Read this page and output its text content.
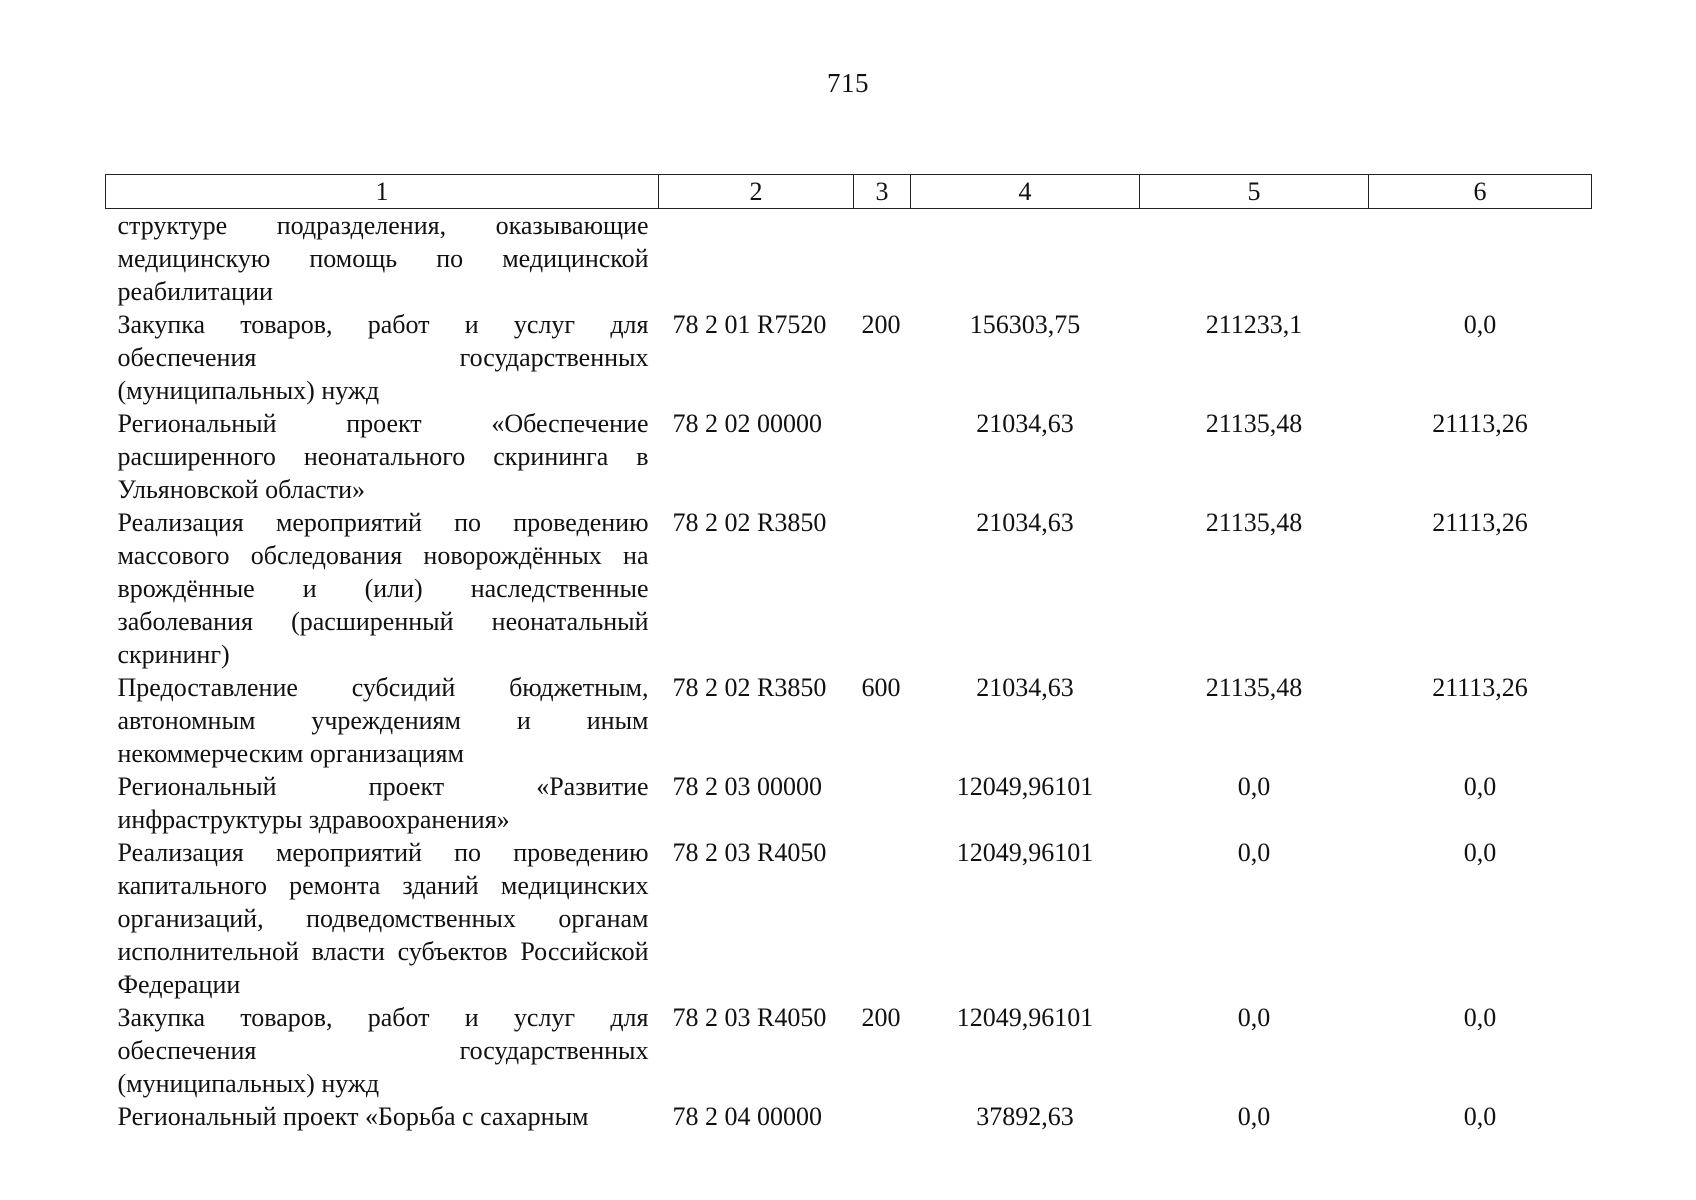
715
1	2	3	4	5	6
структуре подразделения, оказывающие медицинскую помощь по медицинской реабилитации					
Закупка товаров, работ и услуг для обеспечения государственных (муниципальных) нужд	78 2 01 R7520	200	156303,75	211233,1	0,0
Региональный проект «Обеспечение расширенного неонатального скрининга в Ульяновской области»	78 2 02 00000		21034,63	21135,48	21113,26
Реализация мероприятий по проведению массового обследования новорождённых на врождённые и (или) наследственные заболевания (расширенный неонатальный скрининг)	78 2 02 R3850		21034,63	21135,48	21113,26
Предоставление субсидий бюджетным, автономным учреждениям и иным некоммерческим организациям	78 2 02 R3850	600	21034,63	21135,48	21113,26
Региональный проект «Развитие инфраструктуры здравоохранения»	78 2 03 00000		12049,96101	0,0	0,0
Реализация мероприятий по проведению капитального ремонта зданий медицинских организаций, подведомственных органам исполнительной власти субъектов Российской Федерации	78 2 03 R4050		12049,96101	0,0	0,0
Закупка товаров, работ и услуг для обеспечения государственных (муниципальных) нужд	78 2 03 R4050	200	12049,96101	0,0	0,0
Региональный проект «Борьба с сахарным	78 2 04 00000		37892,63	0,0	0,0
